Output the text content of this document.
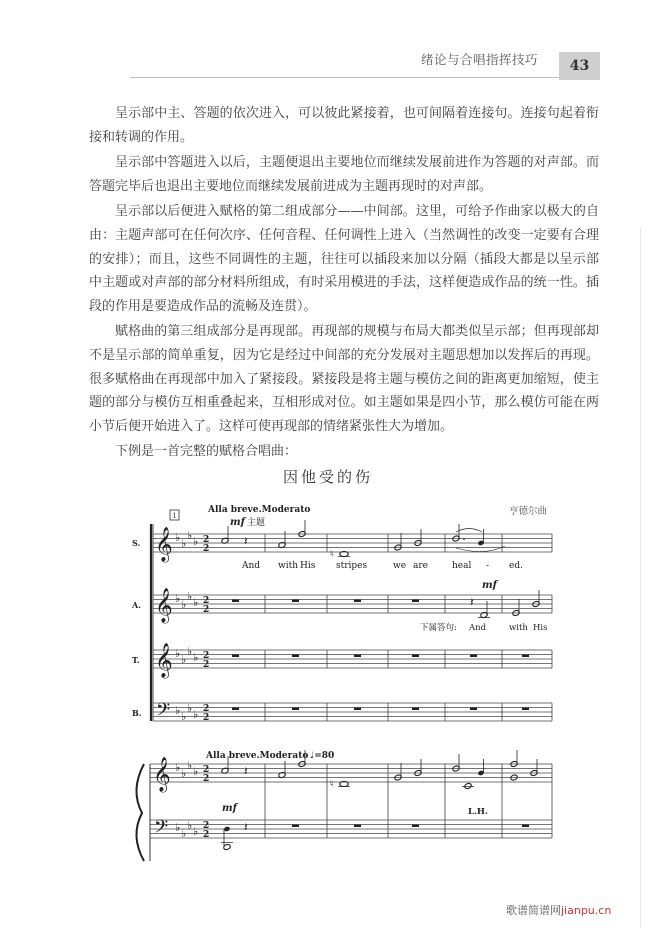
绪论与合唱指挥技巧	43

呈示部中主、答题的依次进入，可以彼此紧接着，也可间隔着连接句。连接句起着衔接和转调的作用。

呈示部中答题进入以后，主题便退出主要地位而继续发展前进作为答题的对声部。而答题完毕后也退出主要地位而继续发展前进成为主题再现时的对声部。

呈示部以后便进入赋格的第二组成部分——中间部。这里，可给予作曲家以极大的自由：主题声部可在任何次序、任何音程、任何调性上进入（当然调性的改变一定要有合理的安排）；而且，这些不同调性的主题，往往可以插段来加以分隔（插段大都是以呈示部中主题或对声部的部分材料所组成，有时采用模进的手法，这样便造成作品的统一性。插段的作用是要造成作品的流畅及连贯）。

赋格曲的第三组成部分是再现部。再现部的规模与布局大都类似呈示部；但再现部却不是呈示部的简单重复，因为它是经过中间部的充分发展对主题思想加以发挥后的再现。很多赋格曲在再现部中加入了紧接段。紧接段是将主题与模仿之间的距离更加缩短，使主题的部分与模仿互相重叠起来，互相形成对位。如主题如果是四小节，那么模仿可能在两小节后便开始进入了。这样可使再现部的情绪紧张性大为增加。

下例是一首完整的赋格合唱曲：

因他受的伤
亨德尔曲
1
Alla breve.Moderato
mf 主题
S.
A.
T.
B.
𝄞
𝄞
𝄞
𝄢
♭ ♭
♭ ♭
♭ ♭
♭ ♭
♭ ♭
♭ ♭
♭ ♭
♭ ♭
2
2
2
2
2
2
2
2
𝄽
♮
And with His stripes	we are	heal - ed.
𝄽
mf
下属答句: And	with His
Alla breve.Moderato ♩=80
𝄞
𝄢
♭ ♭
♭ ♭
♭ ♭
♭ ♭
2
2
2
2
𝄽
♮
mf
𝄽
L.H.
歌谱简谱网jianpu.cn
